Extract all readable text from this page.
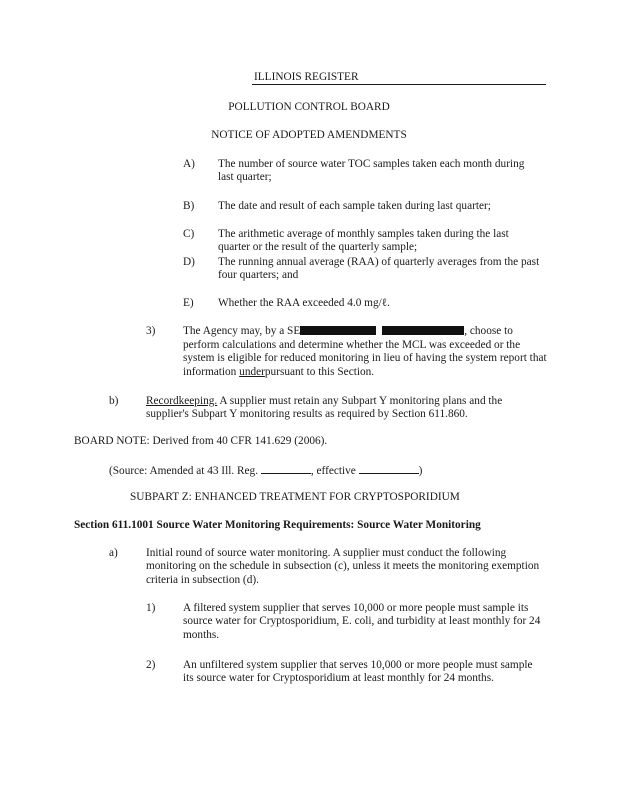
ILLINOIS REGISTER

POLLUTION CONTROL BOARD

NOTICE OF ADOPTED AMENDMENTS

A) The number of source water TOC samples taken each month during last quarter;

B) The date and result of each sample taken during last quarter;

C) The arithmetic average of monthly samples taken during the last quarter or the result of the quarterly sample;

D) The running annual average (RAA) of quarterly averages from the past four quarters; and

E) Whether the RAA exceeded 4.0 mg/ℓ.

3) The Agency may, by a SE	, choose to

perform calculations and determine whether the MCL was exceeded or the system is eligible for reduced monitoring in lieu of having the system report that information underpursuant to this Section.

b) Recordkeeping. A supplier must retain any Subpart Y monitoring plans and the supplier's Subpart Y monitoring results as required by Section 611.860.

BOARD NOTE: Derived from 40 CFR 141.629 (2006).

(Source: Amended at 43 Ill. Reg.	, effective	)

SUBPART Z: ENHANCED TREATMENT FOR CRYPTOSPORIDIUM

Section 611.1001 Source Water Monitoring Requirements: Source Water Monitoring

a) Initial round of source water monitoring. A supplier must conduct the following monitoring on the schedule in subsection (c), unless it meets the monitoring exemption criteria in subsection (d).

1) A filtered system supplier that serves 10,000 or more people must sample its source water for Cryptosporidium, E. coli, and turbidity at least monthly for 24 months.

2) An unfiltered system supplier that serves 10,000 or more people must sample its source water for Cryptosporidium at least monthly for 24 months.
